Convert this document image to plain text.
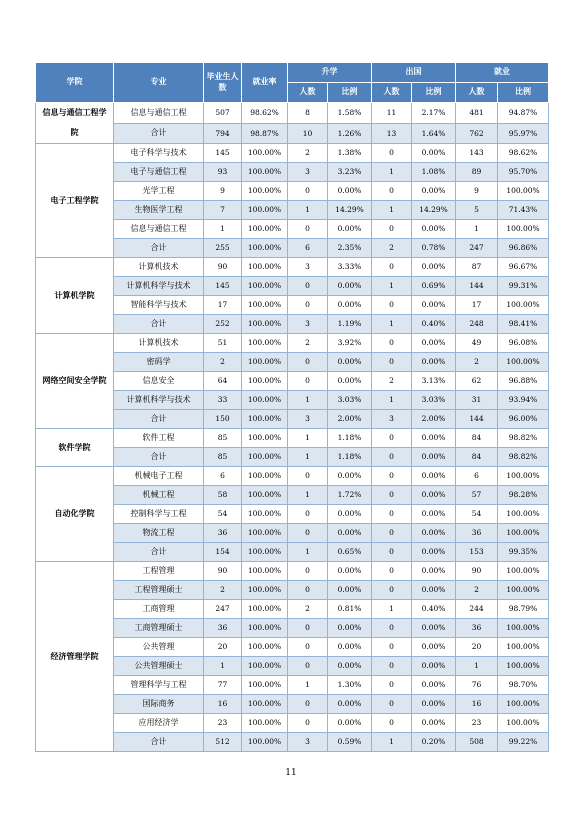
学院	专业	毕业生人数	就业率	升学		出国		就业	
				人数	比例	人数	比例	人数	比例
信息与通信工程学院	信息与通信工程	507	98.62%	8	1.58%	11	2.17%	481	94.87%
	合计	794	98.87%	10	1.26%	13	1.64%	762	95.97%
电子工程学院	电子科学与技术	145	100.00%	2	1.38%	0	0.00%	143	98.62%
	电子与通信工程	93	100.00%	3	3.23%	1	1.08%	89	95.70%
	光学工程	9	100.00%	0	0.00%	0	0.00%	9	100.00%
	生物医学工程	7	100.00%	1	14.29%	1	14.29%	5	71.43%
	信息与通信工程	1	100.00%	0	0.00%	0	0.00%	1	100.00%
	合计	255	100.00%	6	2.35%	2	0.78%	247	96.86%
计算机学院	计算机技术	90	100.00%	3	3.33%	0	0.00%	87	96.67%
	计算机科学与技术	145	100.00%	0	0.00%	1	0.69%	144	99.31%
	智能科学与技术	17	100.00%	0	0.00%	0	0.00%	17	100.00%
	合计	252	100.00%	3	1.19%	1	0.40%	248	98.41%
网络空间安全学院	计算机技术	51	100.00%	2	3.92%	0	0.00%	49	96.08%
	密码学	2	100.00%	0	0.00%	0	0.00%	2	100.00%
	信息安全	64	100.00%	0	0.00%	2	3.13%	62	96.88%
	计算机科学与技术	33	100.00%	1	3.03%	1	3.03%	31	93.94%
	合计	150	100.00%	3	2.00%	3	2.00%	144	96.00%
软件学院	软件工程	85	100.00%	1	1.18%	0	0.00%	84	98.82%
	合计	85	100.00%	1	1.18%	0	0.00%	84	98.82%
自动化学院	机械电子工程	6	100.00%	0	0.00%	0	0.00%	6	100.00%
	机械工程	58	100.00%	1	1.72%	0	0.00%	57	98.28%
	控制科学与工程	54	100.00%	0	0.00%	0	0.00%	54	100.00%
	物流工程	36	100.00%	0	0.00%	0	0.00%	36	100.00%
	合计	154	100.00%	1	0.65%	0	0.00%	153	99.35%
经济管理学院	工程管理	90	100.00%	0	0.00%	0	0.00%	90	100.00%
	工程管理硕士	2	100.00%	0	0.00%	0	0.00%	2	100.00%
	工商管理	247	100.00%	2	0.81%	1	0.40%	244	98.79%
	工商管理硕士	36	100.00%	0	0.00%	0	0.00%	36	100.00%
	公共管理	20	100.00%	0	0.00%	0	0.00%	20	100.00%
	公共管理硕士	1	100.00%	0	0.00%	0	0.00%	1	100.00%
	管理科学与工程	77	100.00%	1	1.30%	0	0.00%	76	98.70%
	国际商务	16	100.00%	0	0.00%	0	0.00%	16	100.00%
	应用经济学	23	100.00%	0	0.00%	0	0.00%	23	100.00%
	合计	512	100.00%	3	0.59%	1	0.20%	508	99.22%
11
